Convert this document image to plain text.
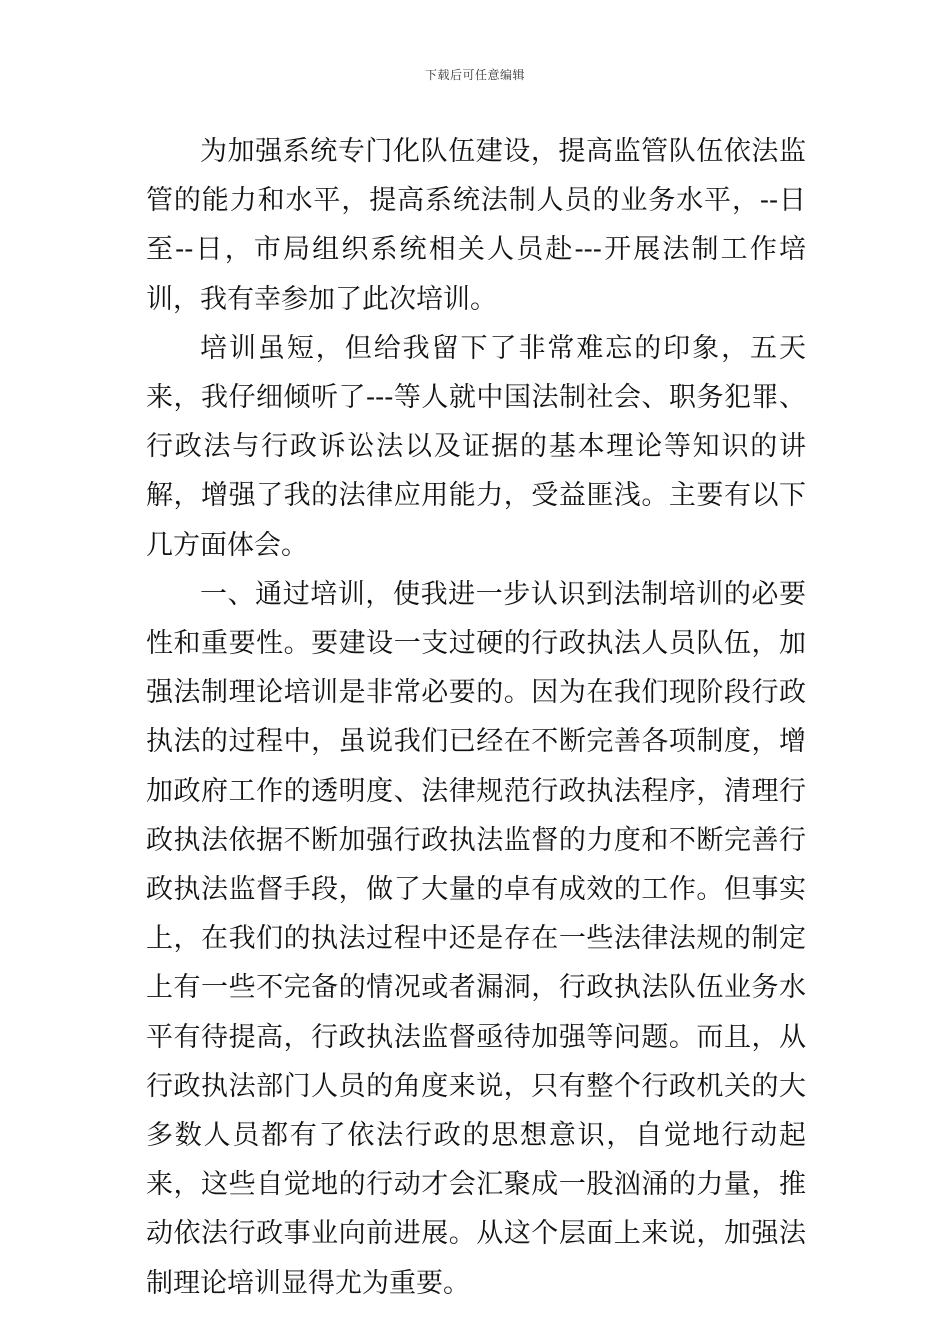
下载后可任意编辑

为加强系统专门化队伍建设，提高监管队伍依法监管的能力和水平，提高系统法制人员的业务水平，--日至--日，市局组织系统相关人员赴---开展法制工作培训，我有幸参加了此次培训。

培训虽短，但给我留下了非常难忘的印象，五天来，我仔细倾听了---等人就中国法制社会、职务犯罪、行政法与行政诉讼法以及证据的基本理论等知识的讲解，增强了我的法律应用能力，受益匪浅。主要有以下几方面体会。

一、通过培训，使我进一步认识到法制培训的必要性和重要性。要建设一支过硬的行政执法人员队伍，加强法制理论培训是非常必要的。因为在我们现阶段行政执法的过程中，虽说我们已经在不断完善各项制度，增加政府工作的透明度、法律规范行政执法程序，清理行政执法依据不断加强行政执法监督的力度和不断完善行政执法监督手段，做了大量的卓有成效的工作。但事实上，在我们的执法过程中还是存在一些法律法规的制定上有一些不完备的情况或者漏洞，行政执法队伍业务水平有待提高，行政执法监督亟待加强等问题。而且，从行政执法部门人员的角度来说，只有整个行政机关的大多数人员都有了依法行政的思想意识，自觉地行动起来，这些自觉地的行动才会汇聚成一股汹涌的力量，推动依法行政事业向前进展。从这个层面上来说，加强法制理论培训显得尤为重要。
